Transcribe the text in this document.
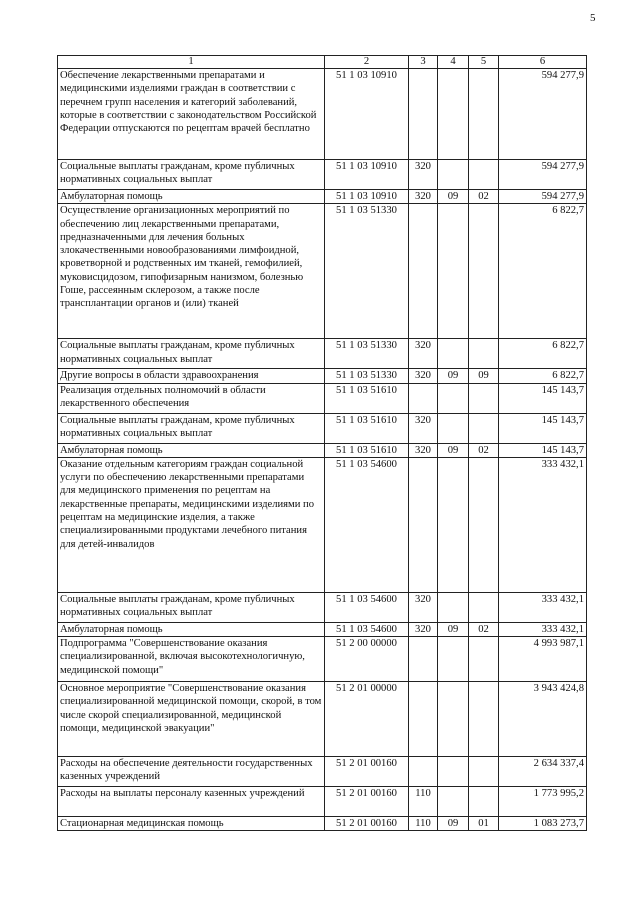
5
1	2	3	4	5	6
Обеспечение лекарственными препаратами и медицинскими изделиями граждан в соответствии с перечнем групп населения и категорий заболеваний, которые в соответствии с законодательством Российской Федерации отпускаются по рецептам врачей бесплатно	51 1 03 10910				594 277,9
Социальные выплаты гражданам, кроме публичных нормативных социальных выплат	51 1 03 10910	320			594 277,9
Амбулаторная помощь	51 1 03 10910	320	09	02	594 277,9
Осуществление организационных мероприятий по обеспечению лиц лекарственными препаратами, предназначенными для лечения больных злокачественными новообразованиями лимфоидной, кроветворной и родственных им тканей, гемофилией, муковисцидозом, гипофизарным нанизмом, болезнью Гоше, рассеянным склерозом, а также после трансплантации органов и (или) тканей	51 1 03 51330				6 822,7
Социальные выплаты гражданам, кроме публичных нормативных социальных выплат	51 1 03 51330	320			6 822,7
Другие вопросы в области здравоохранения	51 1 03 51330	320	09	09	6 822,7
Реализация отдельных полномочий в области лекарственного обеспечения	51 1 03 51610				145 143,7
Социальные выплаты гражданам, кроме публичных нормативных социальных выплат	51 1 03 51610	320			145 143,7
Амбулаторная помощь	51 1 03 51610	320	09	02	145 143,7
Оказание отдельным категориям граждан социальной услуги по обеспечению лекарственными препаратами для медицинского применения по рецептам на лекарственные препараты, медицинскими изделиями по рецептам на медицинские изделия, а также специализированными продуктами лечебного питания для детей-инвалидов	51 1 03 54600				333 432,1
Социальные выплаты гражданам, кроме публичных нормативных социальных выплат	51 1 03 54600	320			333 432,1
Амбулаторная помощь	51 1 03 54600	320	09	02	333 432,1
Подпрограмма "Совершенствование оказания специализированной, включая высокотехнологичную, медицинской помощи"	51 2 00 00000				4 993 987,1
Основное мероприятие "Совершенствование оказания специализированной медицинской помощи, скорой, в том числе скорой специализированной, медицинской помощи, медицинской эвакуации"	51 2 01 00000				3 943 424,8
Расходы на обеспечение деятельности государственных казенных учреждений	51 2 01 00160				2 634 337,4
Расходы на выплаты персоналу казенных учреждений	51 2 01 00160	110			1 773 995,2
Стационарная медицинская помощь	51 2 01 00160	110	09	01	1 083 273,7
